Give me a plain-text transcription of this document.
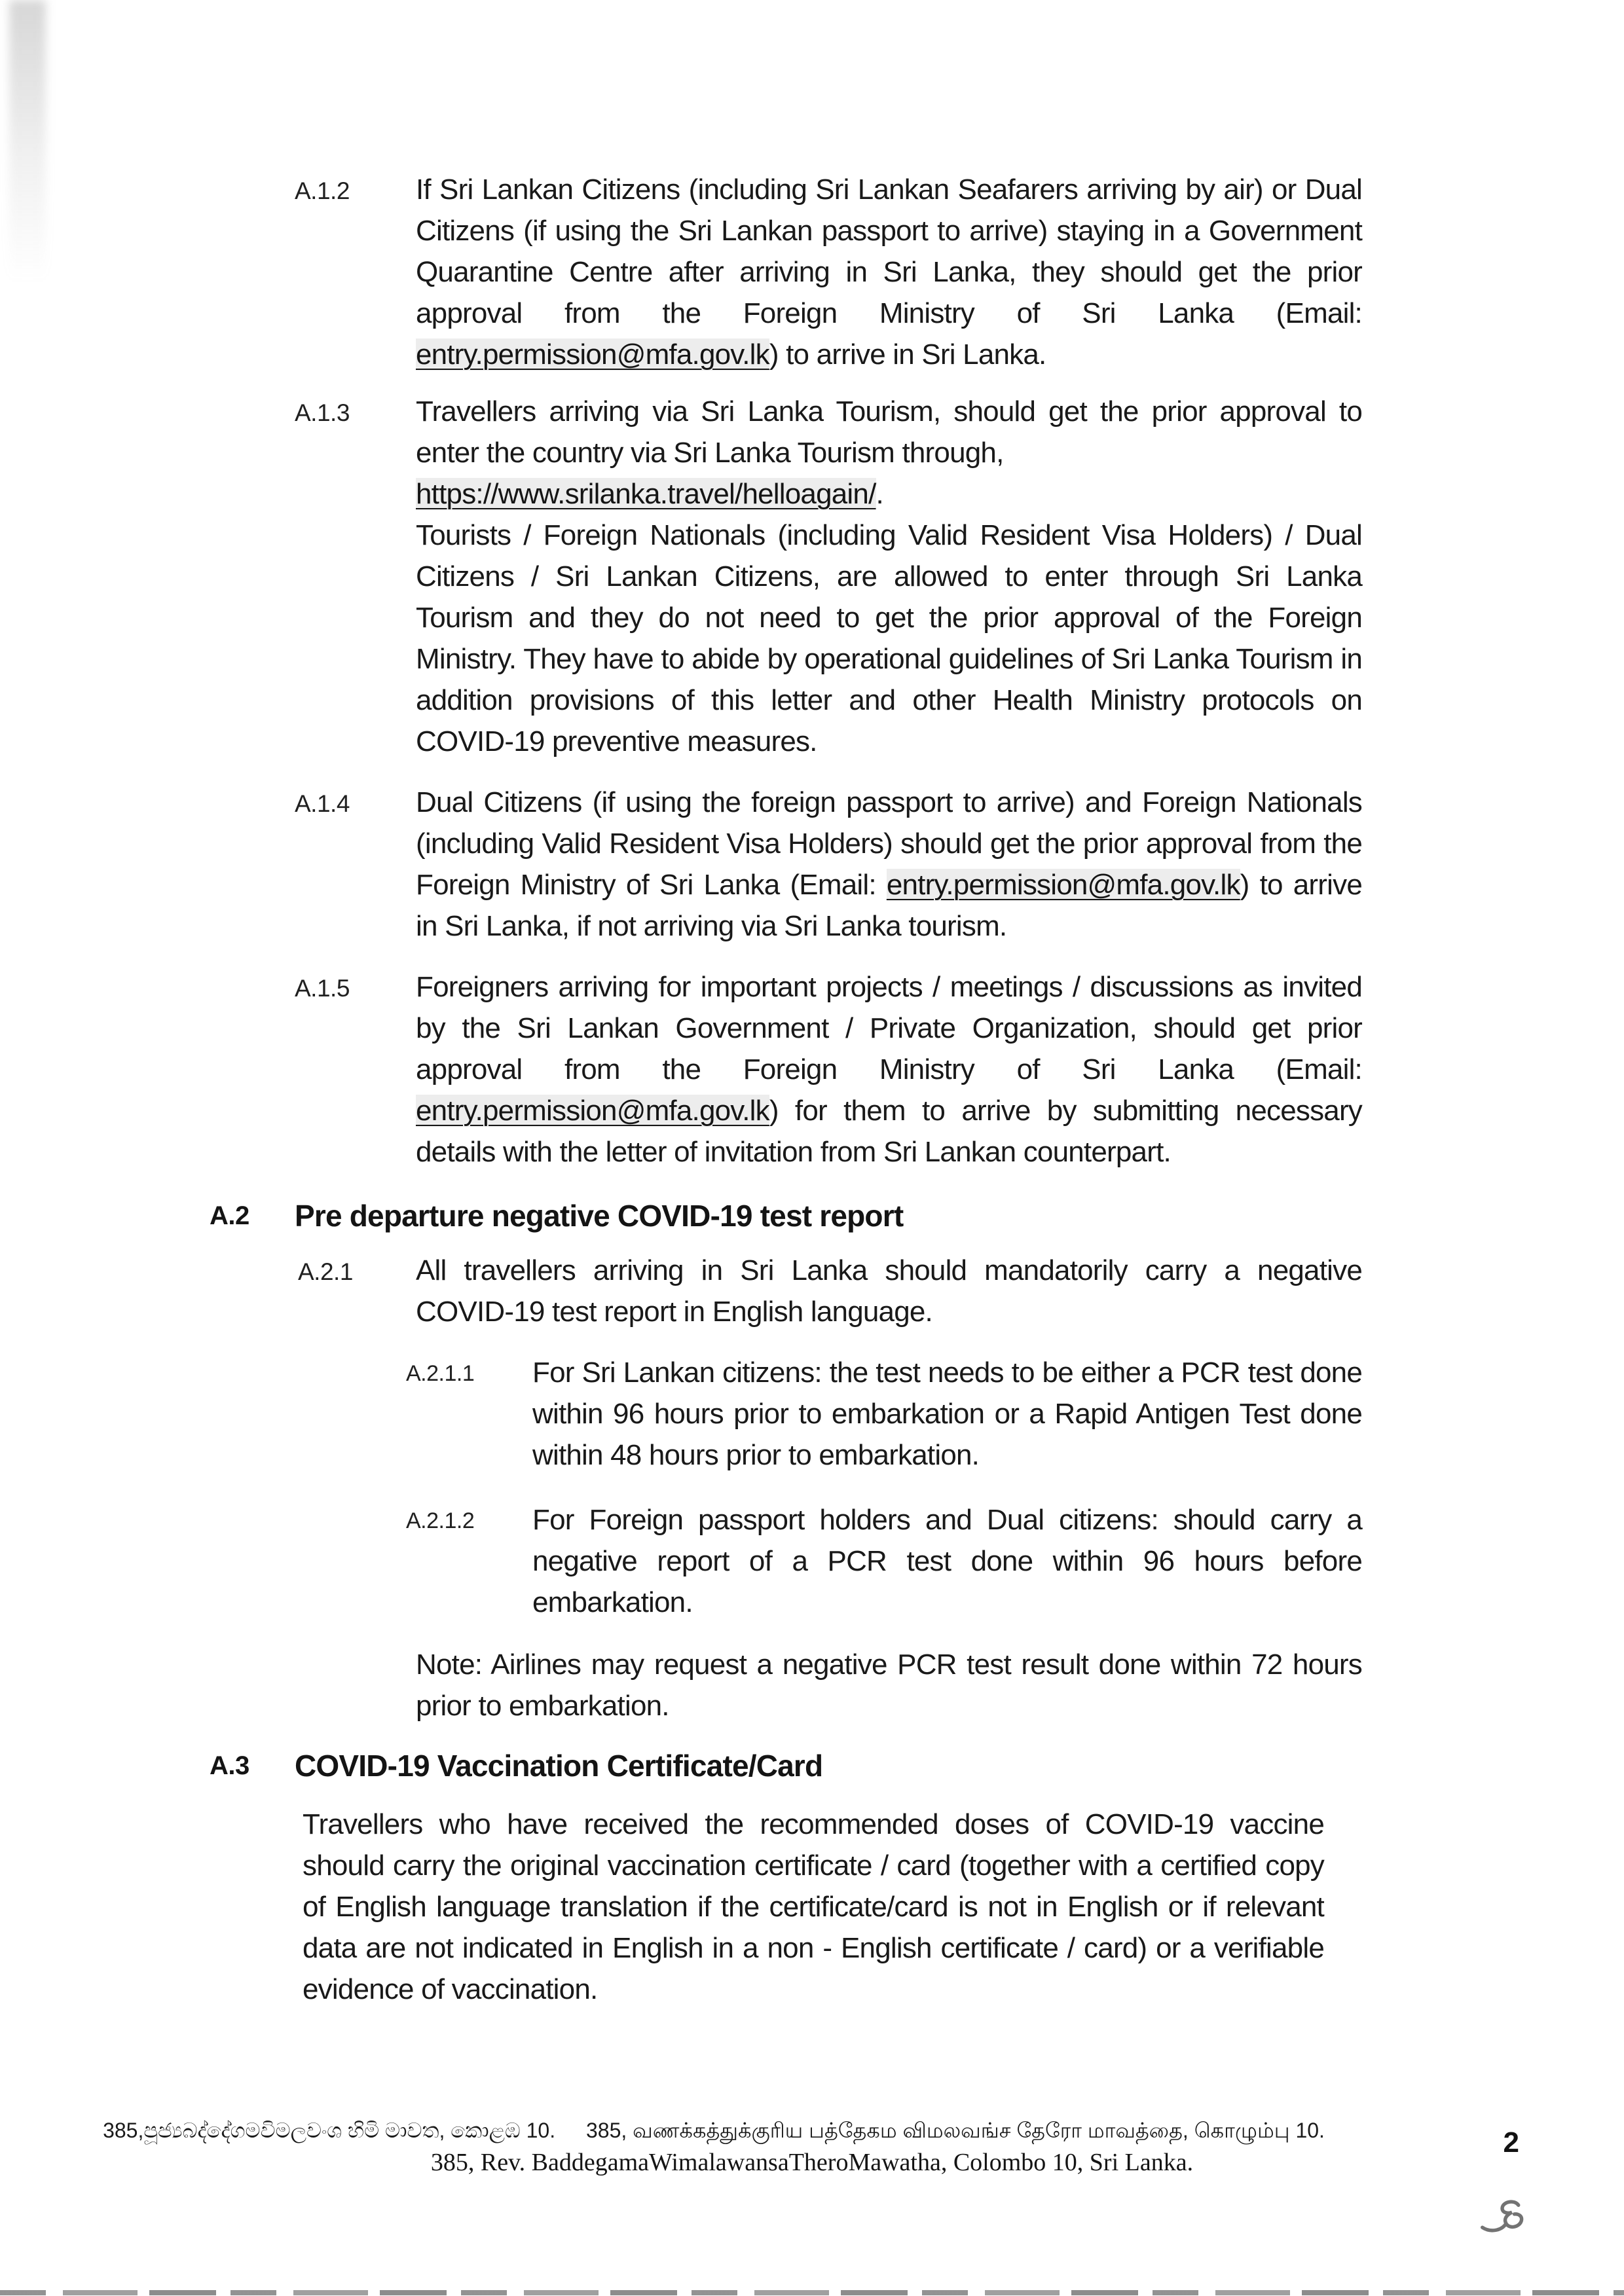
A.1.2	If Sri Lankan Citizens (including Sri Lankan Seafarers arriving by air) or Dual Citizens (if using the Sri Lankan passport to arrive) staying in a Government Quarantine Centre after arriving in Sri Lanka, they should get the prior approval from the Foreign Ministry of Sri Lanka (Email: entry.permission@mfa.gov.lk) to arrive in Sri Lanka.

A.1.3	Travellers arriving via Sri Lanka Tourism, should get the prior approval to enter the country via Sri Lanka Tourism through,

https://www.srilanka.travel/helloagain/.

Tourists / Foreign Nationals (including Valid Resident Visa Holders) / Dual Citizens / Sri Lankan Citizens, are allowed to enter through Sri Lanka Tourism and they do not need to get the prior approval of the Foreign Ministry. They have to abide by operational guidelines of Sri Lanka Tourism in addition provisions of this letter and other Health Ministry protocols on COVID-19 preventive measures.

A.1.4	Dual Citizens (if using the foreign passport to arrive) and Foreign Nationals (including Valid Resident Visa Holders) should get the prior approval from the Foreign Ministry of Sri Lanka (Email: entry.permission@mfa.gov.lk) to arrive in Sri Lanka, if not arriving via Sri Lanka tourism.

A.1.5	Foreigners arriving for important projects / meetings / discussions as invited by the Sri Lankan Government / Private Organization, should get prior approval from the Foreign Ministry of Sri Lanka (Email: entry.permission@mfa.gov.lk) for them to arrive by submitting necessary details with the letter of invitation from Sri Lankan counterpart.

A.2	Pre departure negative COVID-19 test report
A.2.1	All travellers arriving in Sri Lanka should mandatorily carry a negative COVID-19 test report in English language.

A.2.1.1	For Sri Lankan citizens: the test needs to be either a PCR test done within 96 hours prior to embarkation or a Rapid Antigen Test done within 48 hours prior to embarkation.

A.2.1.2	For Foreign passport holders and Dual citizens: should carry a negative report of a PCR test done within 96 hours before embarkation.

Note: Airlines may request a negative PCR test result done within 72 hours prior to embarkation.
A.3	COVID-19 Vaccination Certificate/Card
Travellers who have received the recommended doses of COVID-19 vaccine should carry the original vaccination certificate / card (together with a certified copy of English language translation if the certificate/card is not in English or if relevant data are not indicated in English in a non - English certificate / card) or a verifiable evidence of vaccination.
385,පූජ්‍යබද්දේගමවිමලවංශ හිමි මාවත, කොළඹ 10. 385, வணக்கத்துக்குரிய பத்தேகம விமலவங்ச தேரோ மாவத்தை, கொழும்பு 10.
385, Rev. BaddegamaWimalawansaTheroMawatha, Colombo 10, Sri Lanka.
2
